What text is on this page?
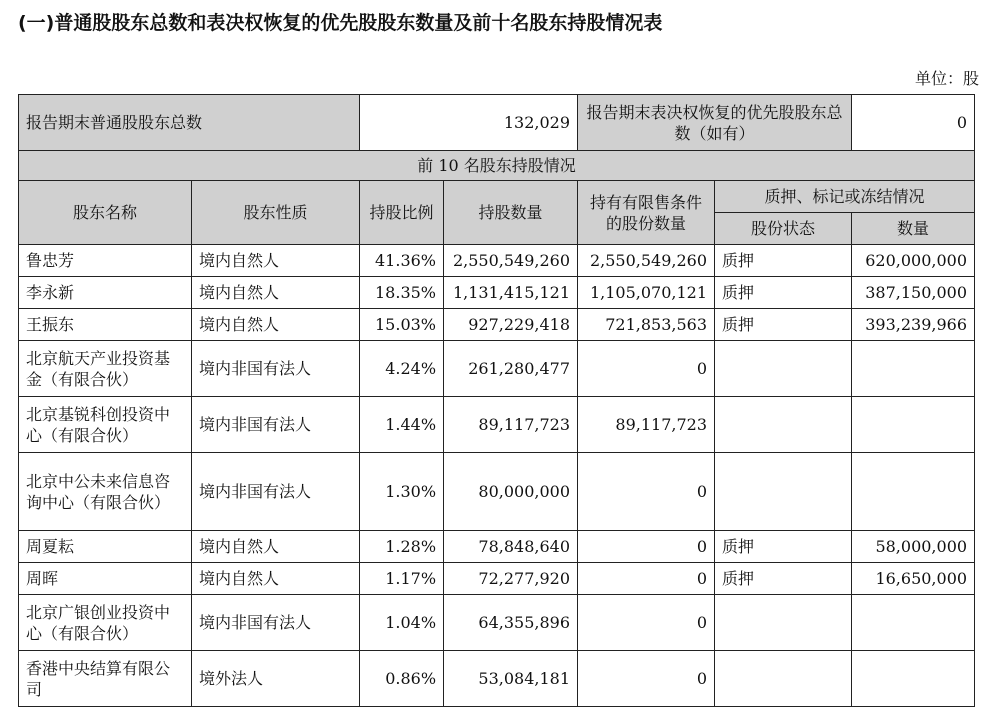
(一)普通股股东总数和表决权恢复的优先股股东数量及前十名股东持股情况表
单位：股
报告期末普通股股东总数		132,029		报告期末表决权恢复的优先股股东总数（如有）		0
前 10 名股东持股情况						
股东名称	股东性质	持股比例	持股数量	持有有限售条件的股份数量	质押、标记或冻结情况	
					股份状态	数量
鲁忠芳	境内自然人	41.36%	2,550,549,260	2,550,549,260	质押	620,000,000
李永新	境内自然人	18.35%	1,131,415,121	1,105,070,121	质押	387,150,000
王振东	境内自然人	15.03%	927,229,418	721,853,563	质押	393,239,966
北京航天产业投资基金（有限合伙）	境内非国有法人	4.24%	261,280,477	0		
北京基锐科创投资中心（有限合伙）	境内非国有法人	1.44%	89,117,723	89,117,723		
北京中公未来信息咨询中心（有限合伙）	境内非国有法人	1.30%	80,000,000	0		
周夏耘	境内自然人	1.28%	78,848,640	0	质押	58,000,000
周晖	境内自然人	1.17%	72,277,920	0	质押	16,650,000
北京广银创业投资中心（有限合伙）	境内非国有法人	1.04%	64,355,896	0		
香港中央结算有限公司	境外法人	0.86%	53,084,181	0		
